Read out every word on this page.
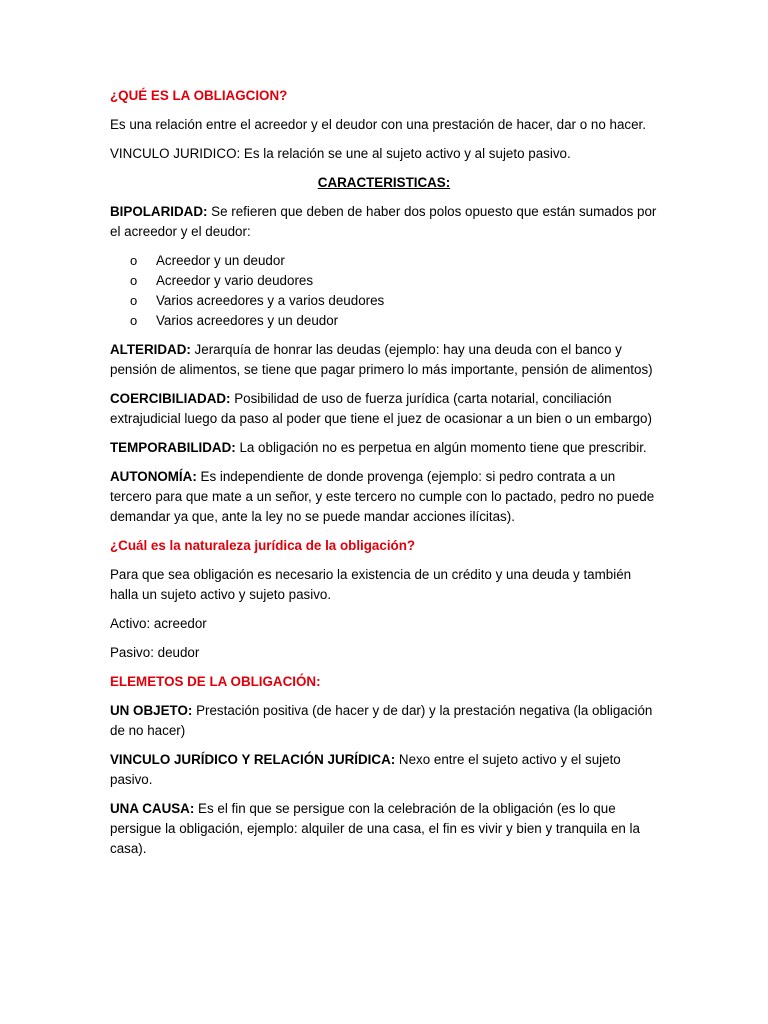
¿QUÉ ES LA OBLIAGCION?

Es una relación entre el acreedor y el deudor con una prestación de hacer, dar o no hacer.

VINCULO JURIDICO: Es la relación se une al sujeto activo y al sujeto pasivo.

CARACTERISTICAS:

BIPOLARIDAD: Se refieren que deben de haber dos polos opuesto que están sumados por el acreedor y el deudor:

o Acreedor y un deudor
o Acreedor y vario deudores
o Varios acreedores y a varios deudores
o Varios acreedores y un deudor

ALTERIDAD: Jerarquía de honrar las deudas (ejemplo: hay una deuda con el banco y pensión de alimentos, se tiene que pagar primero lo más importante, pensión de alimentos)

COERCIBILIADAD: Posibilidad de uso de fuerza jurídica (carta notarial, conciliación extrajudicial luego da paso al poder que tiene el juez de ocasionar a un bien o un embargo)

TEMPORABILIDAD: La obligación no es perpetua en algún momento tiene que prescribir.

AUTONOMÍA: Es independiente de donde provenga (ejemplo: si pedro contrata a un tercero para que mate a un señor, y este tercero no cumple con lo pactado, pedro no puede demandar ya que, ante la ley no se puede mandar acciones ilícitas).

¿Cuál es la naturaleza jurídica de la obligación?

Para que sea obligación es necesario la existencia de un crédito y una deuda y también halla un sujeto activo y sujeto pasivo.

Activo: acreedor

Pasivo: deudor

ELEMETOS DE LA OBLIGACIÓN:

UN OBJETO: Prestación positiva (de hacer y de dar) y la prestación negativa (la obligación de no hacer)

VINCULO JURÍDICO Y RELACIÓN JURÍDICA: Nexo entre el sujeto activo y el sujeto pasivo.

UNA CAUSA: Es el fin que se persigue con la celebración de la obligación (es lo que persigue la obligación, ejemplo: alquiler de una casa, el fin es vivir y bien y tranquila en la casa).
